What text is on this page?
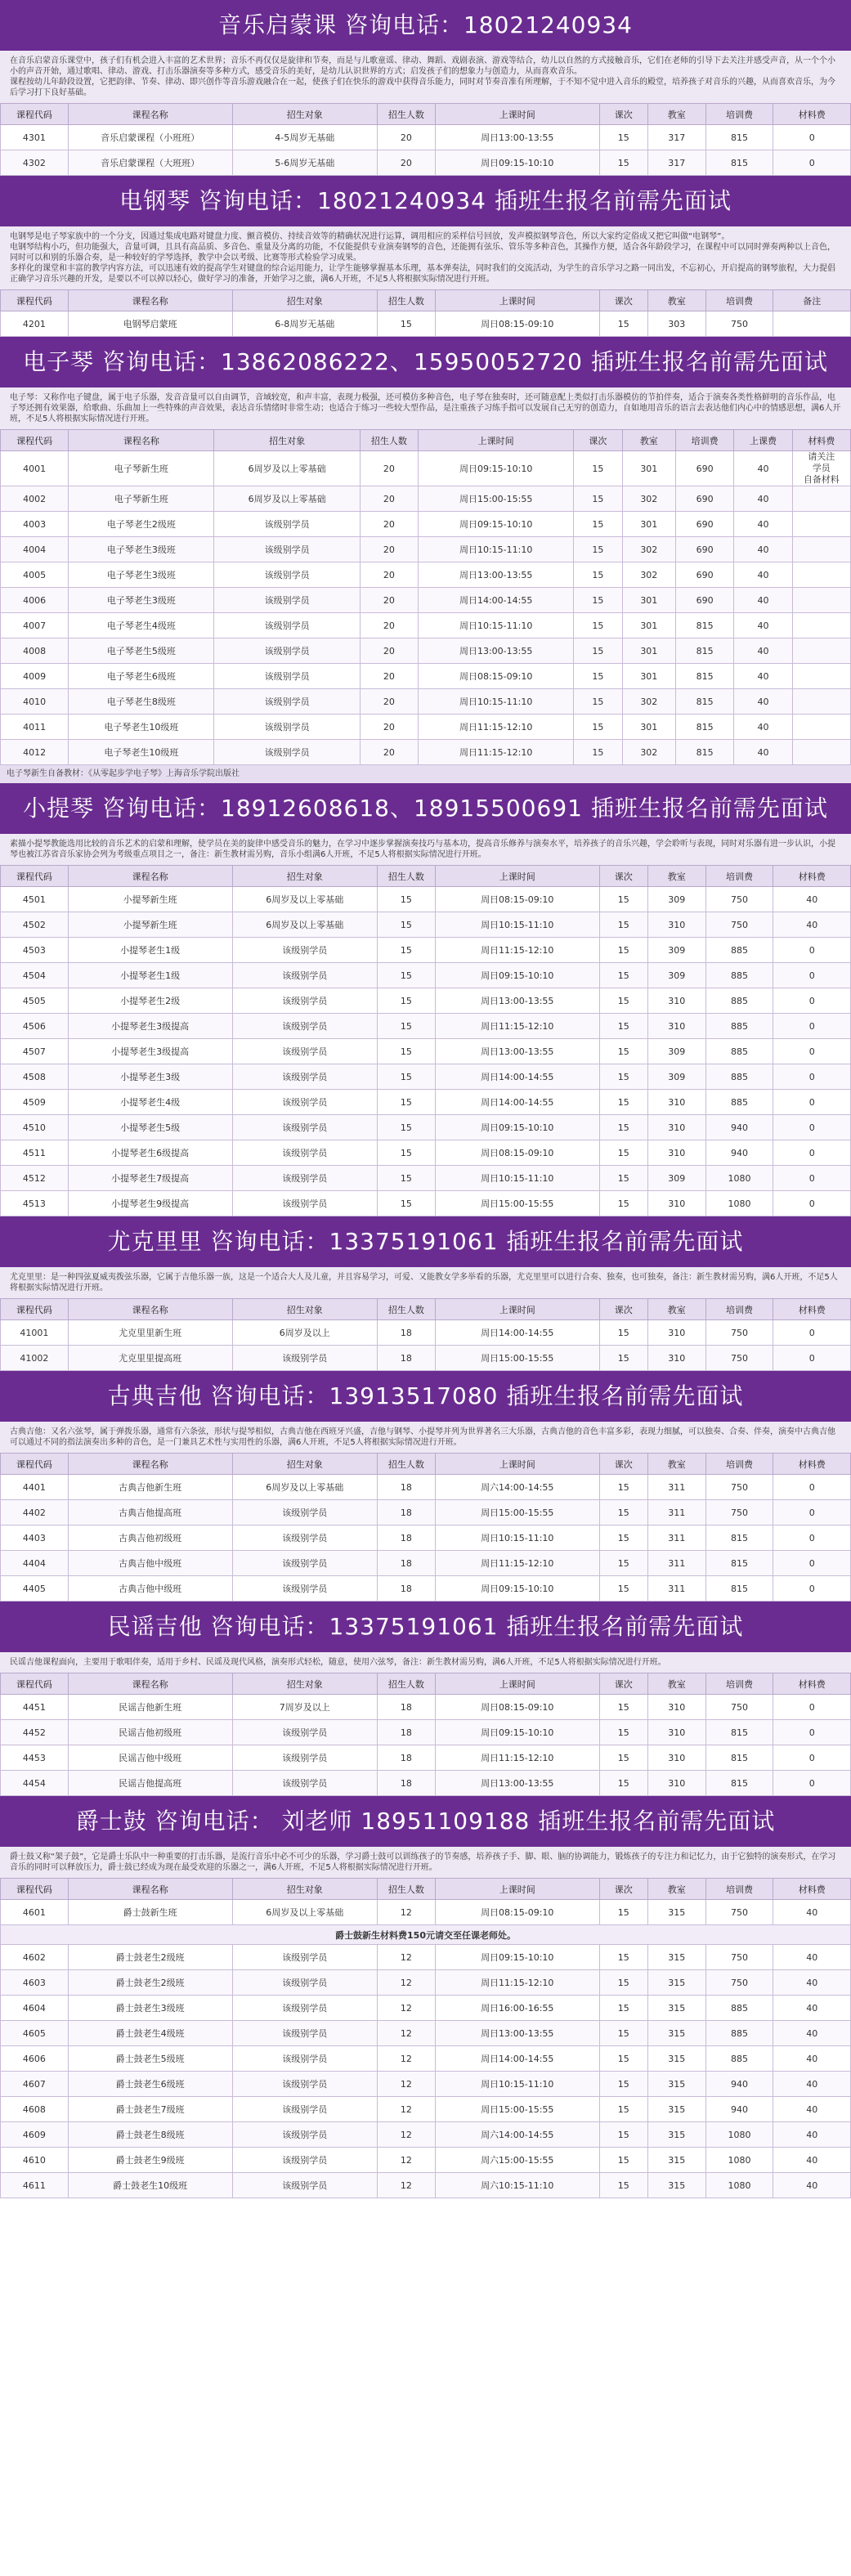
音乐启蒙课 咨询电话：18021240934

在音乐启蒙音乐课堂中，孩子们有机会进入丰富的艺术世界；音乐不再仅仅是旋律和节奏，而是与儿歌童谣、律动、舞蹈、戏剧表演、游戏等结合，幼儿以自然的方式接触音乐，它们在老师的引导下去关注并感受声音，从一个个小小的声音开始，通过歌唱、律动、游戏、打击乐器演奏等多种方式，感受音乐的美好，是幼儿认识世界的方式；启发孩子们的想象力与创造力，从而喜欢音乐。

课程按幼儿年龄段设置，它把韵律、节奏、律动、即兴创作等音乐游戏融合在一起，使孩子们在快乐的游戏中获得音乐能力，同时对节奏音准有所理解，于不知不觉中进入音乐的殿堂，培养孩子对音乐的兴趣，从而喜欢音乐，为今后学习打下良好基础。

课程代码	课程名称	招生对象	招生人数	上课时间	课次	教室	培训费	材料费
4301	音乐启蒙课程（小班班）	4-5周岁无基础	20	周日13:00-13:55	15	317	815	0
4302	音乐启蒙课程（大班班）	5-6周岁无基础	20	周日09:15-10:10	15	317	815	0
电钢琴 咨询电话：18021240934 插班生报名前需先面试

电钢琴是电子琴家族中的一个分支，因通过集成电路对键盘力度、颤音模仿、持续音效等的精确状况进行运算，调用相应的采样信号回放，发声模拟钢琴音色，所以大家约定俗成又把它叫做“电钢琴”。

电钢琴结构小巧，但功能强大，音量可调，且具有高品质、多音色、重量及分离的功能，不仅能提供专业演奏钢琴的音色，还能拥有弦乐、管乐等多种音色，其操作方便，适合各年龄段学习，在课程中可以同时弹奏两种以上音色，同时可以和别的乐器合奏，是一种较好的学琴选择，教学中会以考级、比赛等形式检验学习成果。

多样化的课堂和丰富的教学内容方法，可以迅速有效的提高学生对键盘的综合运用能力，让学生能够掌握基本乐理，基本弹奏法，同时我们的交流活动，为学生的音乐学习之路一同出发，不忘初心，开启提高的钢琴旅程，大力提倡正确学习音乐兴趣的开发，是要以不可以掉以轻心，做好学习的准备，开始学习之旅，满6人开班，不足5人将根据实际情况进行开班。

课程代码	课程名称	招生对象	招生人数	上课时间	课次	教室	培训费	备注
4201	电钢琴启蒙班	6-8周岁无基础	15	周日08:15-09:10	15	303	750	
电子琴 咨询电话：13862086222、15950052720 插班生报名前需先面试

电子琴：又称作电子键盘，属于电子乐器，发音音量可以自由调节，音域较宽，和声丰富，表现力极强，还可模仿多种音色，电子琴在独奏时，还可随意配上类似打击乐器模仿的节拍伴奏，适合于演奏各类性格鲜明的音乐作品，电子琴还拥有效果器，给歌曲、乐曲加上一些特殊的声音效果，表达音乐情绪时非常生动；也适合于练习一些较大型作品，是注重孩子习练手指可以发展自己无穷的创造力，自如地用音乐的语言去表达他们内心中的情感思想，满6人开班，不足5人将根据实际情况进行开班。

课程代码	课程名称	招生对象	招生人数	上课时间	课次	教室	培训费	上课费	材料费
4001	电子琴新生班	6周岁及以上零基础	20	周日09:15-10:10	15	301	690	40	请关注
学员
自备材料
4002	电子琴新生班	6周岁及以上零基础	20	周日15:00-15:55	15	302	690	40	
4003	电子琴老生2级班	该级别学员	20	周日09:15-10:10	15	301	690	40	
4004	电子琴老生3级班	该级别学员	20	周日10:15-11:10	15	302	690	40	
4005	电子琴老生3级班	该级别学员	20	周日13:00-13:55	15	302	690	40	
4006	电子琴老生3级班	该级别学员	20	周日14:00-14:55	15	301	690	40	
4007	电子琴老生4级班	该级别学员	20	周日10:15-11:10	15	301	815	40	
4008	电子琴老生5级班	该级别学员	20	周日13:00-13:55	15	301	815	40	
4009	电子琴老生6级班	该级别学员	20	周日08:15-09:10	15	301	815	40	
4010	电子琴老生8级班	该级别学员	20	周日10:15-11:10	15	302	815	40	
4011	电子琴老生10级班	该级别学员	20	周日11:15-12:10	15	301	815	40	
4012	电子琴老生10级班	该级别学员	20	周日11:15-12:10	15	302	815	40	
电子琴新生自备教材：《从零起步学电子琴》上海音乐学院出版社
小提琴 咨询电话：18912608618、18915500691 插班生报名前需先面试

素描小提琴教能选用比较的音乐艺术的启蒙和理解，使学员在美的旋律中感受音乐的魅力，在学习中逐步掌握演奏技巧与基本功，提高音乐修养与演奏水平，培养孩子的音乐兴趣，学会聆听与表现，同时对乐器有进一步认识，小提琴也被江苏省音乐家协会列为考级重点项目之一，备注：新生教材需另购，音乐小组满6人开班，不足5人将根据实际情况进行开班。

课程代码	课程名称	招生对象	招生人数	上课时间	课次	教室	培训费	材料费
4501	小提琴新生班	6周岁及以上零基础	15	周日08:15-09:10	15	309	750	40
4502	小提琴新生班	6周岁及以上零基础	15	周日10:15-11:10	15	310	750	40
4503	小提琴老生1级	该级别学员	15	周日11:15-12:10	15	309	885	0
4504	小提琴老生1级	该级别学员	15	周日09:15-10:10	15	309	885	0
4505	小提琴老生2级	该级别学员	15	周日13:00-13:55	15	310	885	0
4506	小提琴老生3级提高	该级别学员	15	周日11:15-12:10	15	310	885	0
4507	小提琴老生3级提高	该级别学员	15	周日13:00-13:55	15	309	885	0
4508	小提琴老生3级	该级别学员	15	周日14:00-14:55	15	309	885	0
4509	小提琴老生4级	该级别学员	15	周日14:00-14:55	15	310	885	0
4510	小提琴老生5级	该级别学员	15	周日09:15-10:10	15	310	940	0
4511	小提琴老生6级提高	该级别学员	15	周日08:15-09:10	15	310	940	0
4512	小提琴老生7级提高	该级别学员	15	周日10:15-11:10	15	309	1080	0
4513	小提琴老生9级提高	该级别学员	15	周日15:00-15:55	15	310	1080	0
尤克里里 咨询电话：13375191061 插班生报名前需先面试

尤克里里：是一种四弦夏威夷拨弦乐器，它属于吉他乐器一族，这是一个适合大人及儿童，并且容易学习，可爱、又能教女学多举看的乐器，尤克里里可以进行合奏、独奏，也可独奏，备注：新生教材需另购，满6人开班，不足5人将根据实际情况进行开班。

课程代码	课程名称	招生对象	招生人数	上课时间	课次	教室	培训费	材料费
41001	尤克里里新生班	6周岁及以上	18	周日14:00-14:55	15	310	750	0
41002	尤克里里提高班	该级别学员	18	周日15:00-15:55	15	310	750	0
古典吉他 咨询电话：13913517080 插班生报名前需先面试

古典吉他：又名六弦琴，属于弹拨乐器，通常有六条弦，形状与提琴相似，古典吉他在西班牙兴盛，吉他与钢琴、小提琴并列为世界著名三大乐器，古典吉他的音色丰富多彩，表现力细腻，可以独奏、合奏、伴奏，演奏中古典吉他可以通过不同的指法演奏出多种的音色，是一门兼具艺术性与实用性的乐器，满6人开班，不足5人将根据实际情况进行开班。

课程代码	课程名称	招生对象	招生人数	上课时间	课次	教室	培训费	材料费
4401	古典吉他新生班	6周岁及以上零基础	18	周六14:00-14:55	15	311	750	0
4402	古典吉他提高班	该级别学员	18	周日15:00-15:55	15	311	750	0
4403	古典吉他初级班	该级别学员	18	周日10:15-11:10	15	311	815	0
4404	古典吉他中级班	该级别学员	18	周日11:15-12:10	15	311	815	0
4405	古典吉他中级班	该级别学员	18	周日09:15-10:10	15	311	815	0
民谣吉他 咨询电话：13375191061 插班生报名前需先面试

民谣吉他课程面向，主要用于歌唱伴奏，适用于乡村、民谣及现代风格，演奏形式轻松，随意，使用六弦琴，备注：新生教材需另购，满6人开班，不足5人将根据实际情况进行开班。

课程代码	课程名称	招生对象	招生人数	上课时间	课次	教室	培训费	材料费
4451	民谣吉他新生班	7周岁及以上	18	周日08:15-09:10	15	310	750	0
4452	民谣吉他初级班	该级别学员	18	周日09:15-10:10	15	310	815	0
4453	民谣吉他中级班	该级别学员	18	周日11:15-12:10	15	310	815	0
4454	民谣吉他提高班	该级别学员	18	周日13:00-13:55	15	310	815	0
爵士鼓 咨询电话： 刘老师 18951109188 插班生报名前需先面试

爵士鼓又称“架子鼓”，它是爵士乐队中一种重要的打击乐器，是流行音乐中必不可少的乐器，学习爵士鼓可以训练孩子的节奏感，培养孩子手、脚、眼、脑的协调能力，锻炼孩子的专注力和记忆力，由于它独特的演奏形式，在学习音乐的同时可以释放压力，爵士鼓已经成为现在最受欢迎的乐器之一，满6人开班，不足5人将根据实际情况进行开班。

课程代码	课程名称	招生对象	招生人数	上课时间	课次	教室	培训费	材料费
4601	爵士鼓新生班	6周岁及以上零基础	12	周日08:15-09:10	15	315	750	40
爵士鼓新生材料费150元请交至任课老师处。								
4602	爵士鼓老生2级班	该级别学员	12	周日09:15-10:10	15	315	750	40
4603	爵士鼓老生2级班	该级别学员	12	周日11:15-12:10	15	315	750	40
4604	爵士鼓老生3级班	该级别学员	12	周日16:00-16:55	15	315	885	40
4605	爵士鼓老生4级班	该级别学员	12	周日13:00-13:55	15	315	885	40
4606	爵士鼓老生5级班	该级别学员	12	周日14:00-14:55	15	315	885	40
4607	爵士鼓老生6级班	该级别学员	12	周日10:15-11:10	15	315	940	40
4608	爵士鼓老生7级班	该级别学员	12	周日15:00-15:55	15	315	940	40
4609	爵士鼓老生8级班	该级别学员	12	周六14:00-14:55	15	315	1080	40
4610	爵士鼓老生9级班	该级别学员	12	周六15:00-15:55	15	315	1080	40
4611	爵士鼓老生10级班	该级别学员	12	周六10:15-11:10	15	315	1080	40
